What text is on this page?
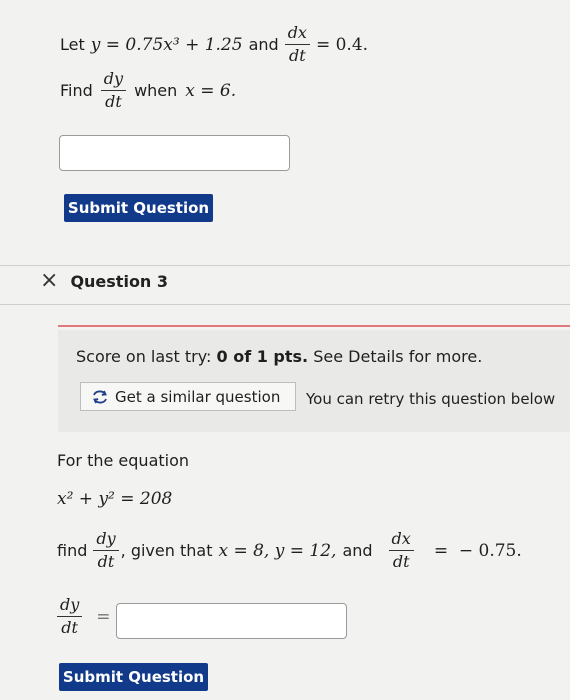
Let y = 0.75x³ + 1.25 and $\frac{dx}{dt} = 0.4$.
Find $\frac{dy}{dt}$ when x = 6.
Submit Question
× Question 3
Score on last try: 0 of 1 pts. See Details for more.
Get a similar question You can retry this question below
For the equation
x² + y² = 208
find $\frac{dy}{dt}$ , given that x = 8, y = 12, and $\frac{dx}{dt}$ =  − 0.75.
$\frac{dy}{dt}$ =
Submit Question
